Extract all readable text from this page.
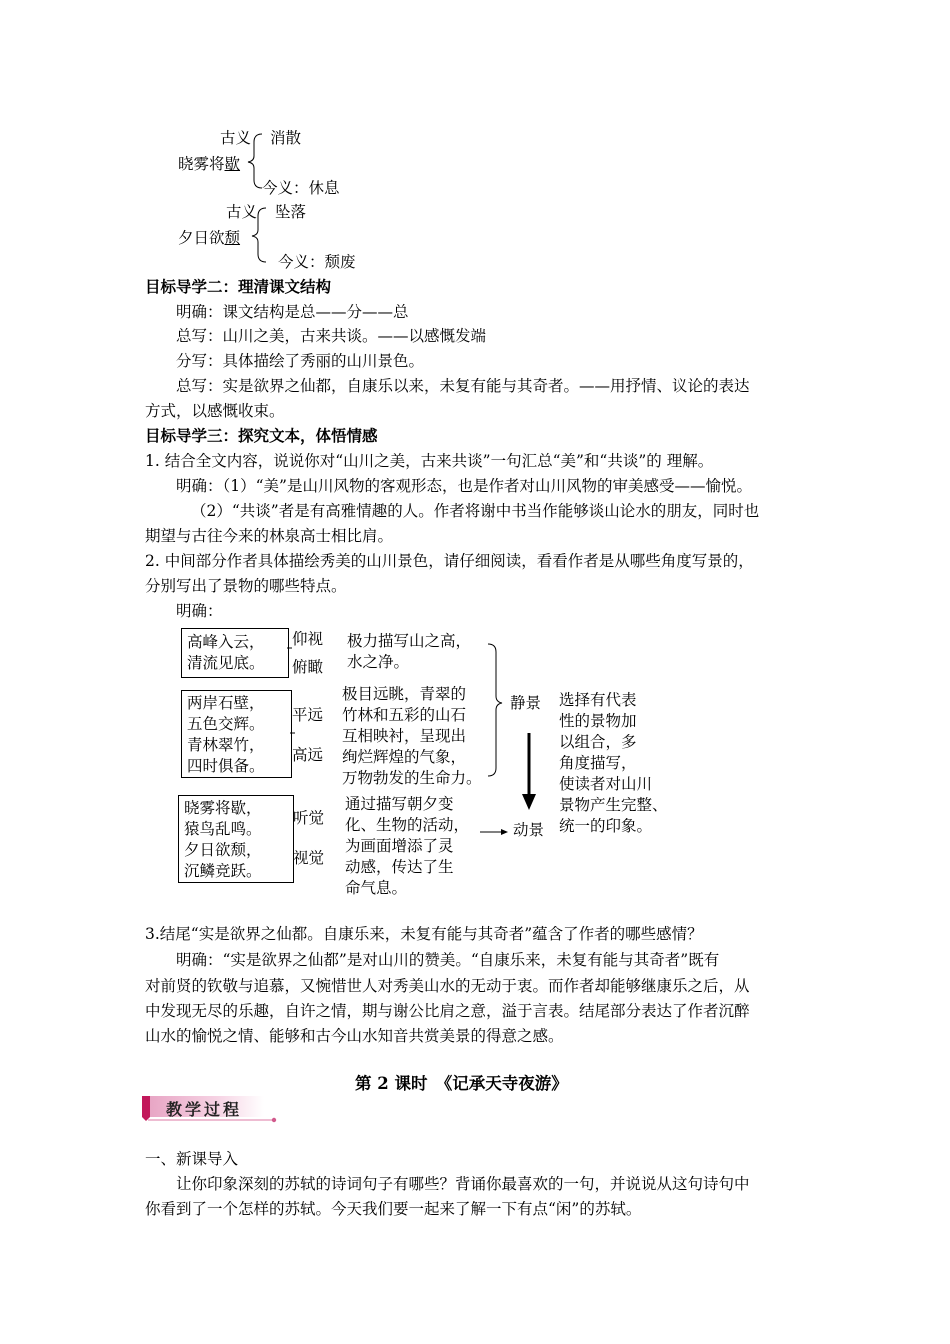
古义 消散
晓雾将歇
今义：休息
古义 坠落
夕日欲颓
今义：颓废
目标导学二：理清课文结构
明确：课文结构是总——分——总
总写：山川之美，古来共谈。——以感慨发端
分写：具体描绘了秀丽的山川景色。
总写：实是欲界之仙都，自康乐以来，未复有能与其奇者。——用抒情、议论的表达
方式，以感慨收束。
目标导学三：探究文本，体悟情感
1. 结合全文内容，说说你对“山川之美，古来共谈”一句汇总“美”和“共谈”的 理解。
明确：（1）“美”是山川风物的客观形态，也是作者对山川风物的审美感受——愉悦。
（2）“共谈”者是有高雅情趣的人。作者将谢中书当作能够谈山论水的朋友，同时也
期望与古往今来的林泉高士相比肩。
2. 中间部分作者具体描绘秀美的山川景色，请仔细阅读，看看作者是从哪些角度写景的，
分别写出了景物的哪些特点。
明确：
高峰入云，
清流见底。
仰视
俯瞰
极力描写山之高，
水之净。
两岸石壁，
五色交辉。
青林翠竹，
四时俱备。
平远
高远
极目远眺，青翠的
竹林和五彩的山石
互相映衬，呈现出
绚烂辉煌的气象，
万物勃发的生命力。
晓雾将歇，
猿鸟乱鸣。
夕日欲颓，
沉鳞竞跃。
听觉
视觉
通过描写朝夕变
化、生物的活动，
为画面增添了灵
动感，传达了生
命气息。
静景
动景
选择有代表
性的景物加
以组合，多
角度描写，
使读者对山川
景物产生完整、
统一的印象。
3.结尾“实是欲界之仙都。自康乐来，未复有能与其奇者”蕴含了作者的哪些感情？
明确：“实是欲界之仙都”是对山川的赞美。“自康乐来，未复有能与其奇者”既有
对前贤的钦敬与追慕，又惋惜世人对秀美山水的无动于衷。而作者却能够继康乐之后，从
中发现无尽的乐趣，自许之情，期与谢公比肩之意，溢于言表。结尾部分表达了作者沉醉
山水的愉悦之情、能够和古今山水知音共赏美景的得意之感。
第 2 课时　《记承天寺夜游》
教学过程
一、新课导入
让你印象深刻的苏轼的诗词句子有哪些？背诵你最喜欢的一句，并说说从这句诗句中
你看到了一个怎样的苏轼。今天我们要一起来了解一下有点“闲”的苏轼。
